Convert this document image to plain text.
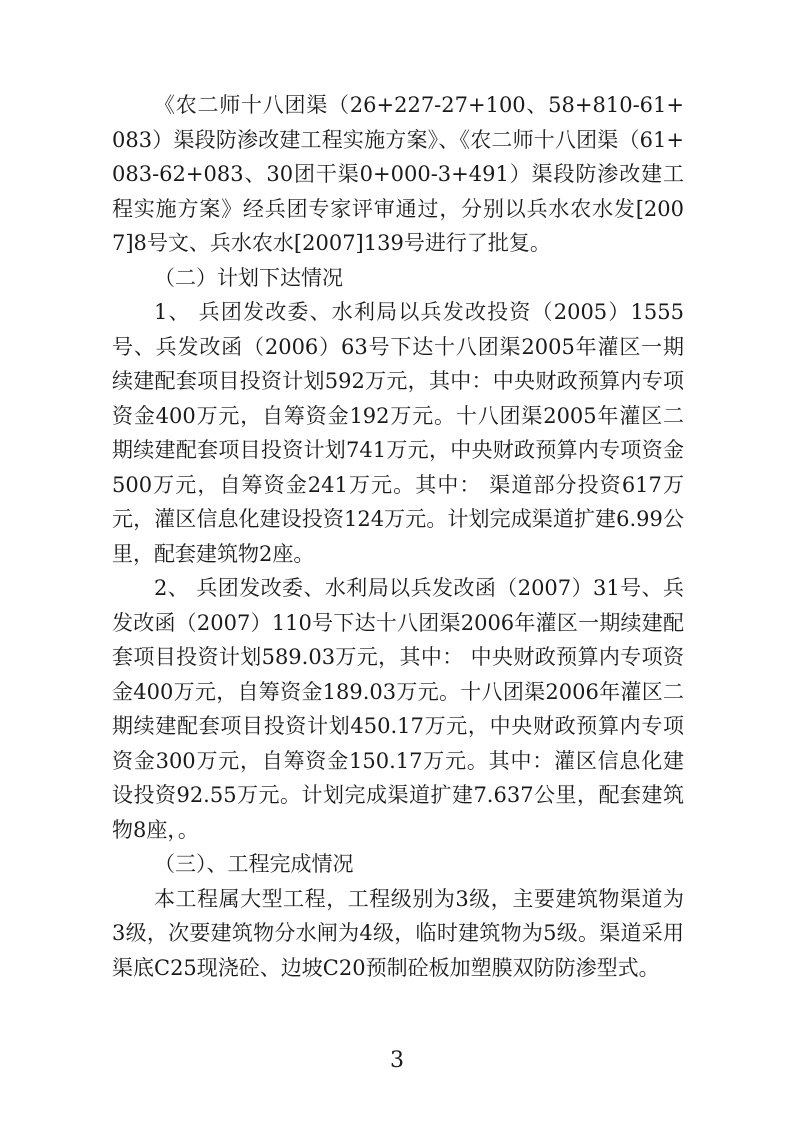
《农二师十八团渠（26+227-27+100、58+810-61+083）渠段防渗改建工程实施方案》、《农二师十八团渠（61+083-62+083、30团干渠0+000-3+491）渠段防渗改建工程实施方案》经兵团专家评审通过，分别以兵水农水发[2007]8号文、兵水农水[2007]139号进行了批复。

（二）计划下达情况

1、 兵团发改委、水利局以兵发改投资（2005）1555号、兵发改函（2006）63号下达十八团渠2005年灌区一期续建配套项目投资计划592万元，其中：中央财政预算内专项资金400万元，自筹资金192万元。十八团渠2005年灌区二期续建配套项目投资计划741万元，中央财政预算内专项资金500万元，自筹资金241万元。其中： 渠道部分投资617万元，灌区信息化建设投资124万元。计划完成渠道扩建6.99公里，配套建筑物2座。

2、 兵团发改委、水利局以兵发改函（2007）31号、兵发改函（2007）110号下达十八团渠2006年灌区一期续建配套项目投资计划589.03万元，其中： 中央财政预算内专项资金400万元，自筹资金189.03万元。十八团渠2006年灌区二期续建配套项目投资计划450.17万元，中央财政预算内专项资金300万元，自筹资金150.17万元。其中：灌区信息化建设投资92.55万元。计划完成渠道扩建7.637公里，配套建筑物8座，。

（三）、工程完成情况

本工程属大型工程，工程级别为3级，主要建筑物渠道为3级，次要建筑物分水闸为4级，临时建筑物为5级。渠道采用渠底C25现浇砼、边坡C20预制砼板加塑膜双防防渗型式。

3
